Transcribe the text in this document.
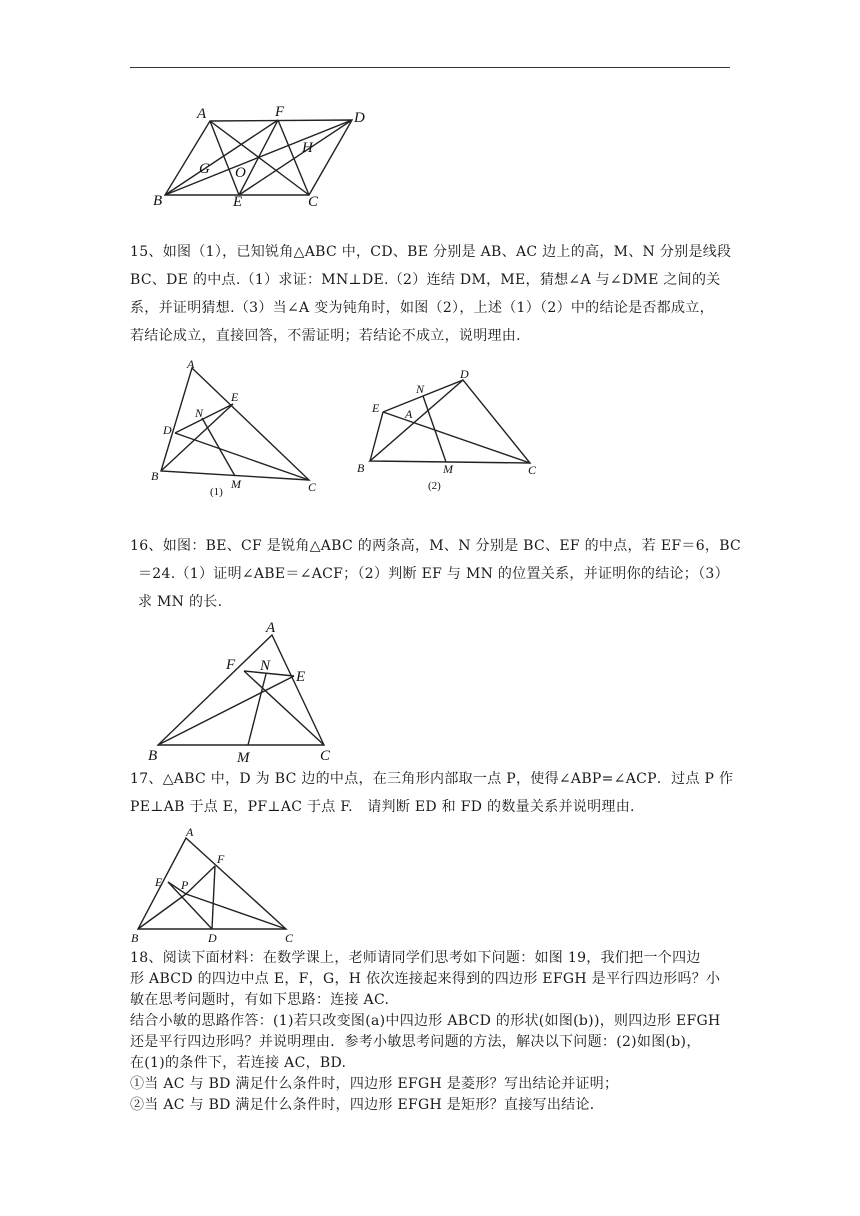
A	F	D
G
H
O
B	E	C
15、如图（1），已知锐角△ABC 中，CD、BE 分别是 AB、AC 边上的高，M、N 分别是线段
BC、DE 的中点.（1）求证：MN⊥DE.（2）连结 DM，ME，猜想∠A 与∠DME 之间的关
系，并证明猜想.（3）当∠A 变为钝角时，如图（2），上述（1）（2）中的结论是否都成立，
若结论成立，直接回答，不需证明；若结论不成立，说明理由.
A
E
N
D
B
M	C
(1)
N
D
E A
B	M	C
(2)
16、如图：BE、CF 是锐角△ABC 的两条高，M、N 分别是 BC、EF 的中点，若 EF＝6，BC
＝24.（1）证明∠ABE＝∠ACF；（2）判断 EF 与 MN 的位置关系，并证明你的结论；（3）
求 MN 的长.
A
F N
E
B	M	C
17、△ABC 中，D 为 BC 边的中点，在三角形内部取一点 P，使得∠ABP=∠ACP．过点 P 作
PE⊥AB 于点 E，PF⊥AC 于点 F.　请判断 ED 和 FD 的数量关系并说明理由.
A
F
E P
B	D	C
18、阅读下面材料：在数学课上，老师请同学们思考如下问题：如图 19，我们把一个四边
形 ABCD 的四边中点 E，F，G，H 依次连接起来得到的四边形 EFGH 是平行四边形吗？小
敏在思考问题时，有如下思路：连接 AC.
结合小敏的思路作答：(1)若只改变图(a)中四边形 ABCD 的形状(如图(b))，则四边形 EFGH
还是平行四边形吗？并说明理由．参考小敏思考问题的方法，解决以下问题：(2)如图(b)，
在(1)的条件下，若连接 AC，BD.
①当 AC 与 BD 满足什么条件时，四边形 EFGH 是菱形？写出结论并证明；
②当 AC 与 BD 满足什么条件时，四边形 EFGH 是矩形？直接写出结论．
